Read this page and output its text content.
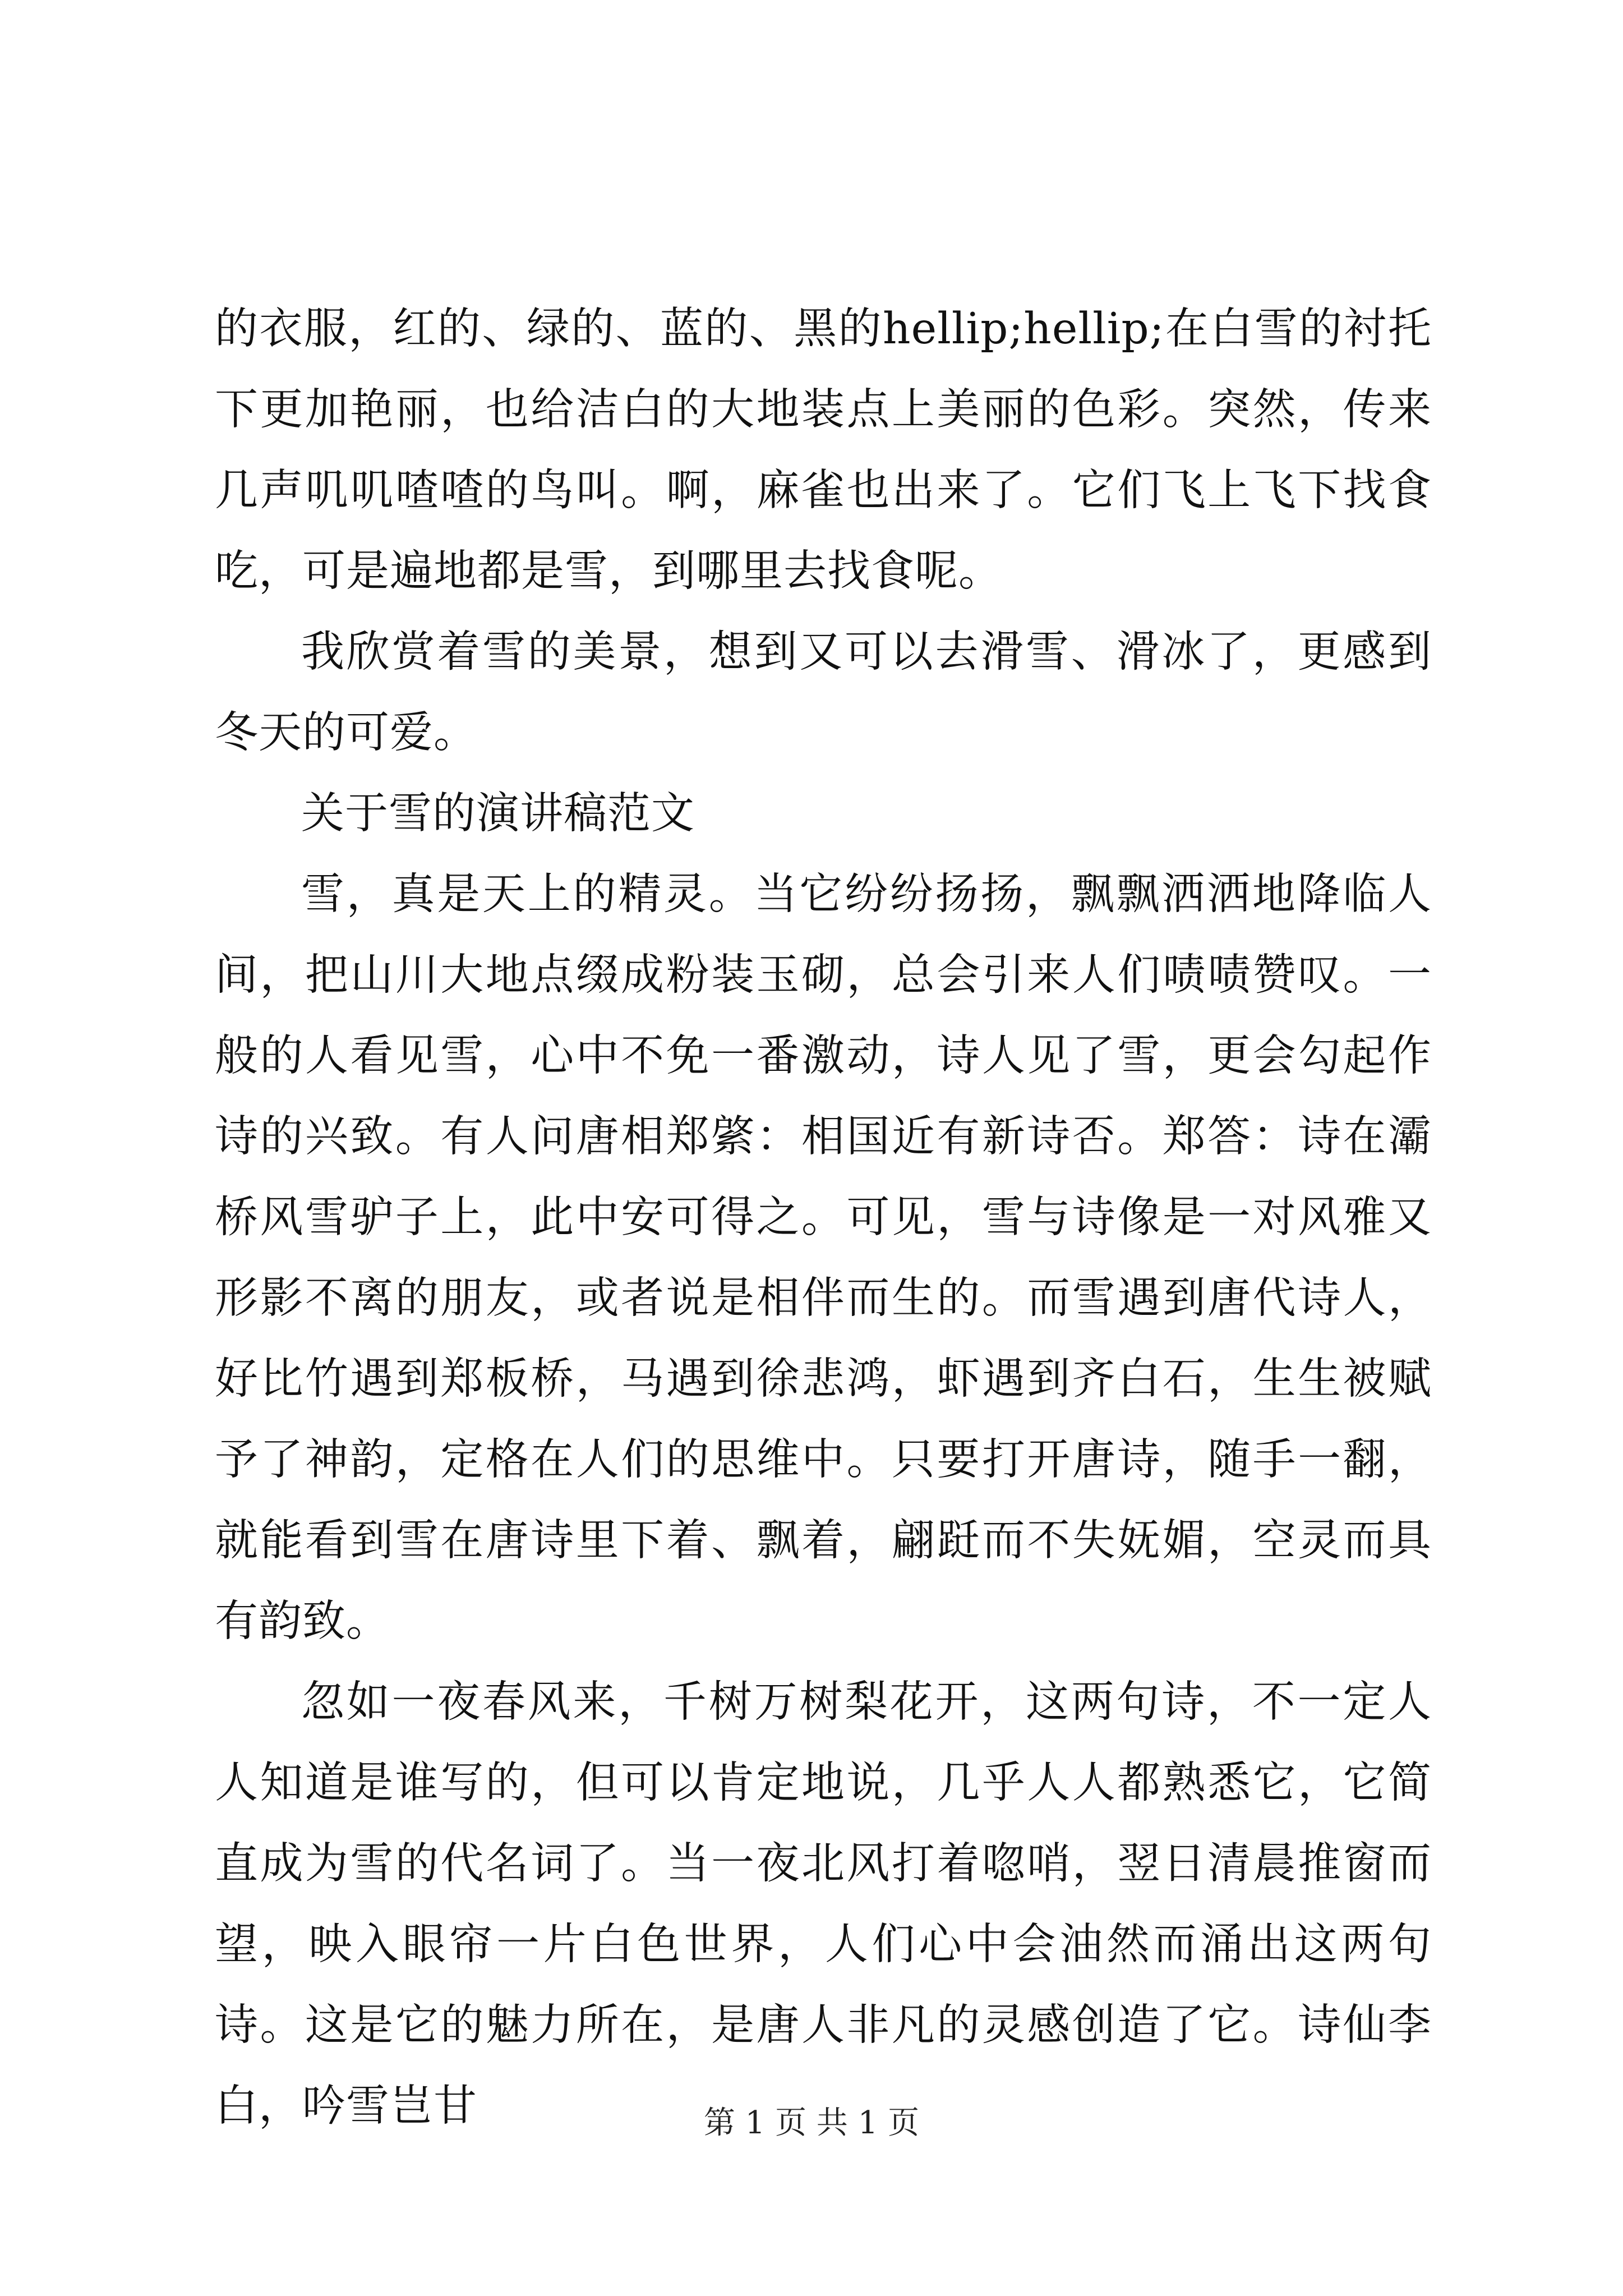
的衣服，红的、绿的、蓝的、黑的hellip;hellip;在白雪的衬托下更加艳丽，也给洁白的大地装点上美丽的色彩。突然，传来几声叽叽喳喳的鸟叫。啊，麻雀也出来了。它们飞上飞下找食吃，可是遍地都是雪，到哪里去找食呢。

我欣赏着雪的美景，想到又可以去滑雪、滑冰了，更感到冬天的可爱。

关于雪的演讲稿范文

雪，真是天上的精灵。当它纷纷扬扬，飘飘洒洒地降临人间，把山川大地点缀成粉装玉砌，总会引来人们啧啧赞叹。一般的人看见雪，心中不免一番激动，诗人见了雪，更会勾起作诗的兴致。有人问唐相郑綮：相国近有新诗否。郑答：诗在灞桥风雪驴子上，此中安可得之。可见，雪与诗像是一对风雅又形影不离的朋友，或者说是相伴而生的。而雪遇到唐代诗人，好比竹遇到郑板桥，马遇到徐悲鸿，虾遇到齐白石，生生被赋予了神韵，定格在人们的思维中。只要打开唐诗，随手一翻，就能看到雪在唐诗里下着、飘着，翩跹而不失妩媚，空灵而具有韵致。

忽如一夜春风来，千树万树梨花开，这两句诗，不一定人人知道是谁写的，但可以肯定地说，几乎人人都熟悉它，它简直成为雪的代名词了。当一夜北风打着唿哨，翌日清晨推窗而望，映入眼帘一片白色世界，人们心中会油然而涌出这两句诗。这是它的魅力所在，是唐人非凡的灵感创造了它。诗仙李白，吟雪岂甘	第 1 页 共 1 页
